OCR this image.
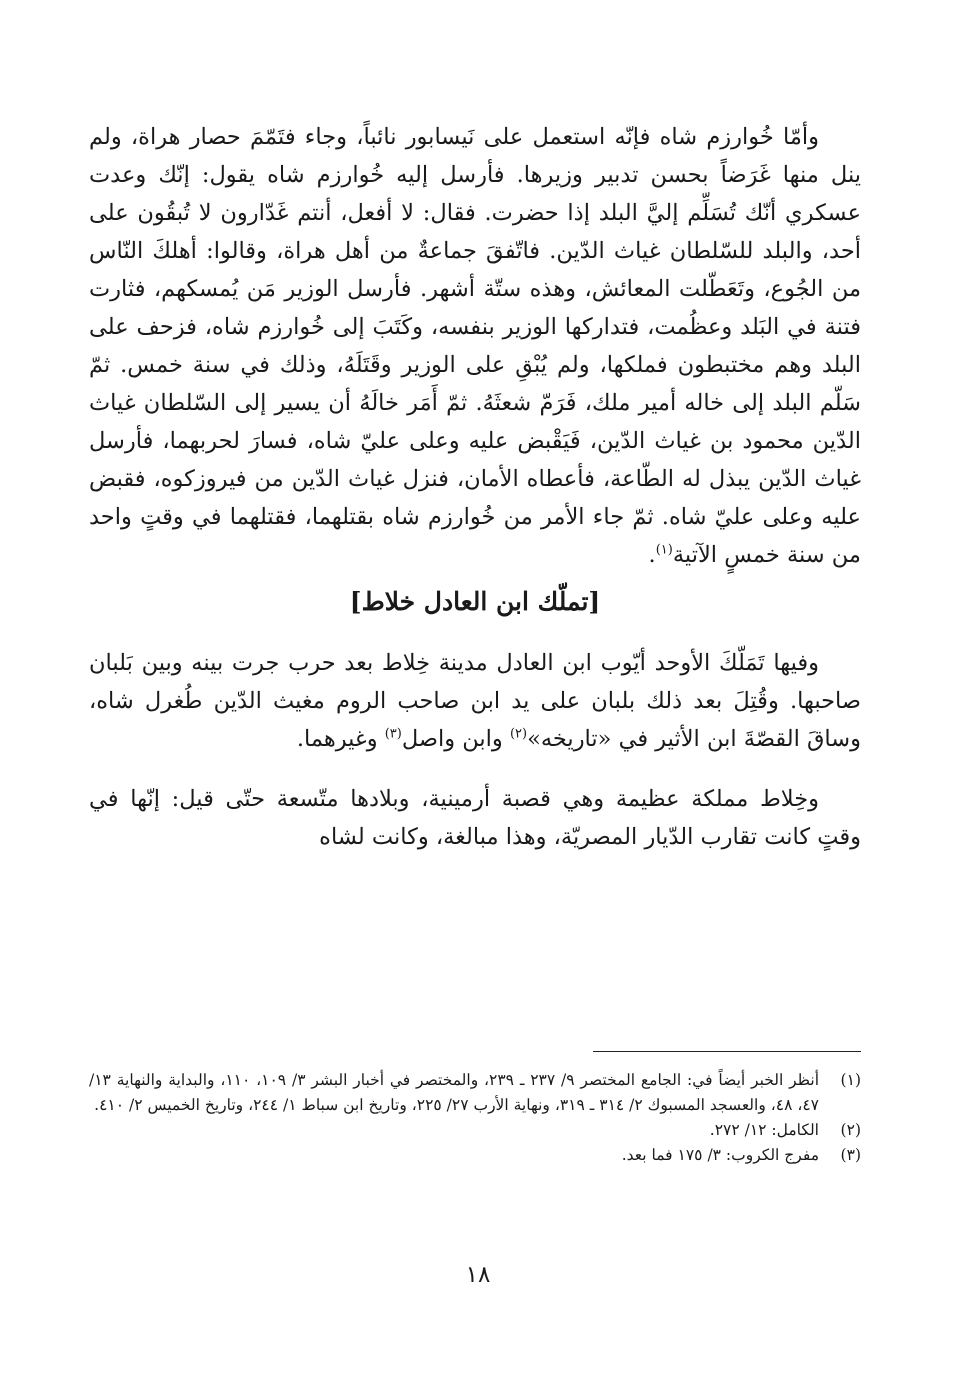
وأمّا خُوارزم شاه فإنّه استعمل على نَيسابور نائباً، وجاء فتَمّمَ حصار هراة، ولم ينل منها غَرَضاً بحسن تدبير وزيرها. فأرسل إليه خُوارزم شاه يقول: إنّك وعدت عسكري أنّك تُسَلِّم إليَّ البلد إذا حضرت. فقال: لا أفعل، أنتم غَدّارون لا تُبقُون على أحد، والبلد للسّلطان غياث الدّين. فاتّفقَ جماعةٌ من أهل هراة، وقالوا: أهلكَ النّاس من الجُوع، وتَعَطّلت المعائش، وهذه ستّة أشهر. فأرسل الوزير مَن يُمسكهم، فثارت فتنة في البَلد وعظُمت، فتداركها الوزير بنفسه، وكَتَبَ إلى خُوارزم شاه، فزحف على البلد وهم مختبطون فملكها، ولم يُبْقِ على الوزير وقَتَلَهُ، وذلك في سنة خمس. ثمّ سَلّم البلد إلى خاله أمير ملك، فَرَمّ شعثَهُ. ثمّ أَمَر خالَهُ أن يسير إلى السّلطان غياث الدّين محمود بن غياث الدّين، فَيَقْبض عليه وعلى عليّ شاه، فسارَ لحربهما، فأرسل غياث الدّين يبذل له الطّاعة، فأعطاه الأمان، فنزل غياث الدّين من فيروزكوه، فقبض عليه وعلى عليّ شاه. ثمّ جاء الأمر من خُوارزم شاه بقتلهما، فقتلهما في وقتٍ واحد من سنة خمسٍ الآتية$^{(١)}$.

[تملّك ابن العادل خلاط]

وفيها تَمَلّكَ الأوحد أيّوب ابن العادل مدينة خِلاط بعد حرب جرت بينه وبين بَلبان صاحبها. وقُتِلَ بعد ذلك بلبان على يد ابن صاحب الروم مغيث الدّين طُغرل شاه، وساقَ القصّةَ ابن الأثير في «تاريخه»$^{(٢)}$ وابن واصل$^{(٣)}$ وغيرهما.

وخِلاط مملكة عظيمة وهي قصبة أرمينية، وبلادها متّسعة حتّى قيل: إنّها في وقتٍ كانت تقارب الدّيار المصريّة، وهذا مبالغة، وكانت لشاه

(١)
أنظر الخبر أيضاً في: الجامع المختصر ٩/ ٢٣٧ ـ ٢٣٩، والمختصر في أخبار البشر ٣/ ١٠٩، ١١٠، والبداية والنهاية ١٣/ ٤٧، ٤٨، والعسجد المسبوك ٢/ ٣١٤ ـ ٣١٩، ونهاية الأرب ٢٧/ ٢٢٥، وتاريخ ابن سباط ١/ ٢٤٤، وتاريخ الخميس ٢/ ٤١٠.
(٢)
الكامل: ١٢/ ٢٧٢.
(٣)
مفرج الكروب: ٣/ ١٧٥ فما بعد.
١٨
